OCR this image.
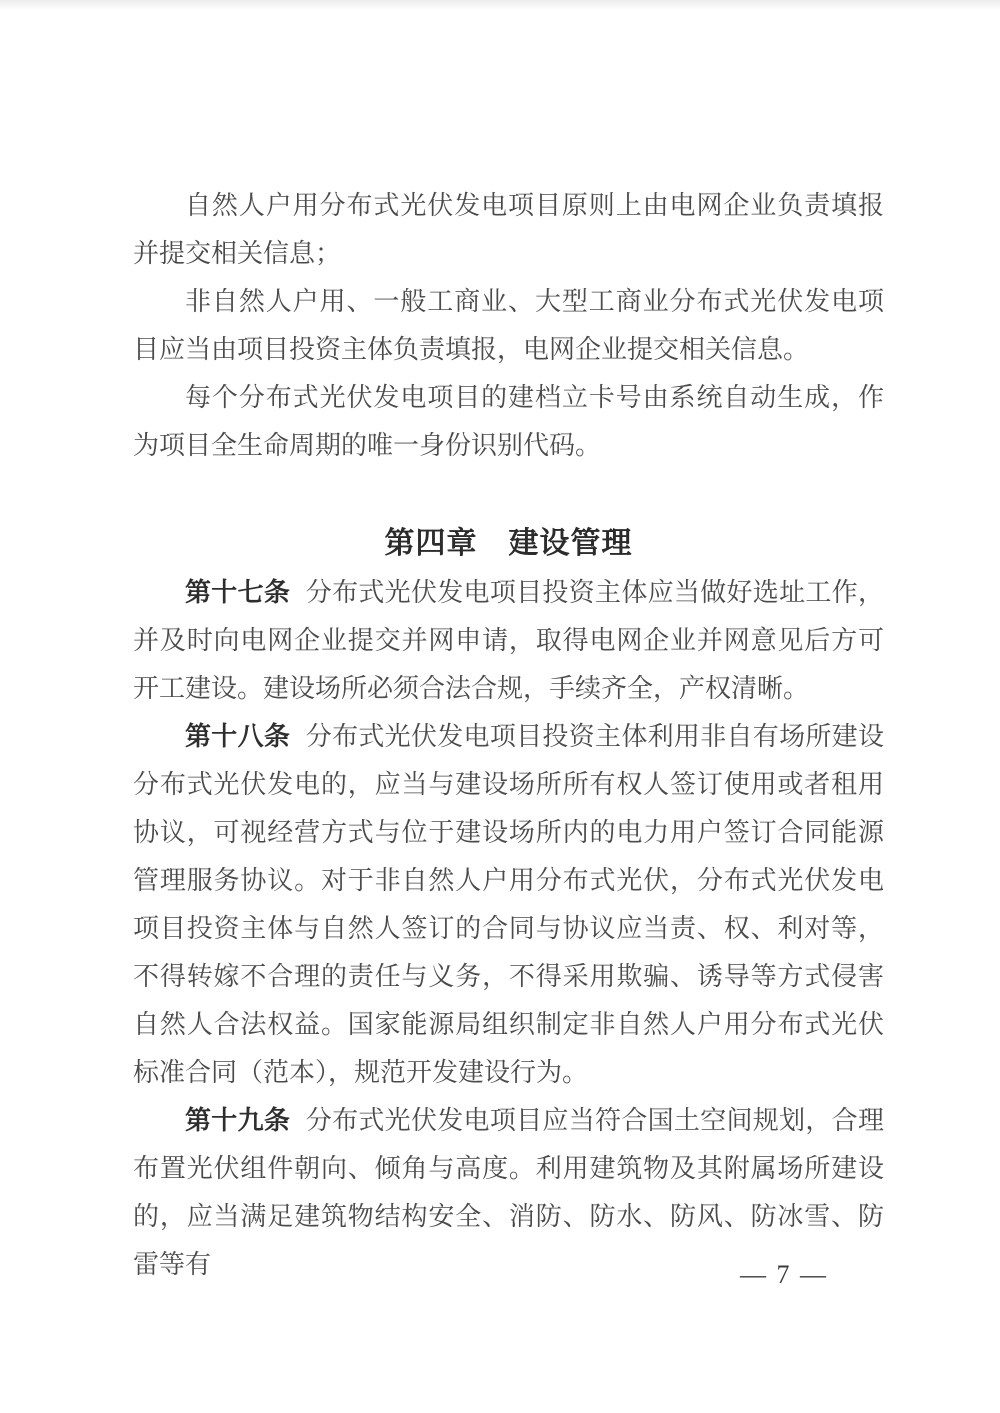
自然人户用分布式光伏发电项目原则上由电网企业负责填报并提交相关信息；

非自然人户用、一般工商业、大型工商业分布式光伏发电项目应当由项目投资主体负责填报，电网企业提交相关信息。

每个分布式光伏发电项目的建档立卡号由系统自动生成，作为项目全生命周期的唯一身份识别代码。

第四章　建设管理

第十七条 分布式光伏发电项目投资主体应当做好选址工作，并及时向电网企业提交并网申请，取得电网企业并网意见后方可开工建设。建设场所必须合法合规，手续齐全，产权清晰。

第十八条 分布式光伏发电项目投资主体利用非自有场所建设分布式光伏发电的，应当与建设场所所有权人签订使用或者租用协议，可视经营方式与位于建设场所内的电力用户签订合同能源管理服务协议。对于非自然人户用分布式光伏，分布式光伏发电项目投资主体与自然人签订的合同与协议应当责、权、利对等，不得转嫁不合理的责任与义务，不得采用欺骗、诱导等方式侵害自然人合法权益。国家能源局组织制定非自然人户用分布式光伏标准合同（范本），规范开发建设行为。

第十九条 分布式光伏发电项目应当符合国土空间规划，合理布置光伏组件朝向、倾角与高度。利用建筑物及其附属场所建设的，应当满足建筑物结构安全、消防、防水、防风、防冰雪、防雷等有	— 7 —
